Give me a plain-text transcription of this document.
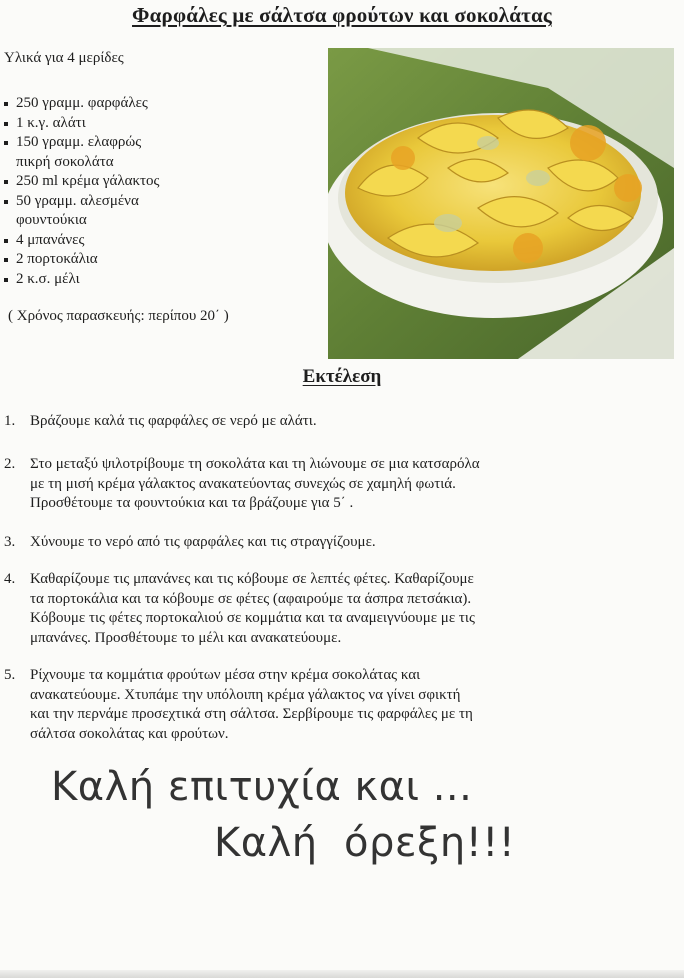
Φαρφάλες με σάλτσα φρούτων και σοκολάτας
Υλικά για 4 μερίδες
250 γραμμ. φαρφάλες
1 κ.γ. αλάτι
150 γραμμ. ελαφρώς
πικρή σοκολάτα
250 ml κρέμα γάλακτος
50 γραμμ. αλεσμένα
φουντούκια
4 μπανάνες
2 πορτοκάλια
2 κ.σ. μέλι
( Χρόνος παρασκευής: περίπου 20΄ )
Εκτέλεση
1. Βράζουμε καλά τις φαρφάλες σε νερό με αλάτι.
2. Στο μεταξύ ψιλοτρίβουμε τη σοκολάτα και τη λιώνουμε σε μια κατσαρόλα
με τη μισή κρέμα γάλακτος ανακατεύοντας συνεχώς σε χαμηλή φωτιά.
Προσθέτουμε τα φουντούκια και τα βράζουμε για 5΄ .
3. Χύνουμε το νερό από τις φαρφάλες και τις στραγγίζουμε.
4. Καθαρίζουμε τις μπανάνες και τις κόβουμε σε λεπτές φέτες. Καθαρίζουμε
τα πορτοκάλια και τα κόβουμε σε φέτες (αφαιρούμε τα άσπρα πετσάκια).
Κόβουμε τις φέτες πορτοκαλιού σε κομμάτια και τα αναμειγνύουμε με τις
μπανάνες. Προσθέτουμε το μέλι και ανακατεύουμε.
5. Ρίχνουμε τα κομμάτια φρούτων μέσα στην κρέμα σοκολάτας και
ανακατεύουμε. Χτυπάμε την υπόλοιπη κρέμα γάλακτος να γίνει σφικτή
και την περνάμε προσεχτικά στη σάλτσα. Σερβίρουμε τις φαρφάλες με τη
σάλτσα σοκολάτας και φρούτων.
Καλή επιτυχία και ...
Καλή  όρεξη!!!
